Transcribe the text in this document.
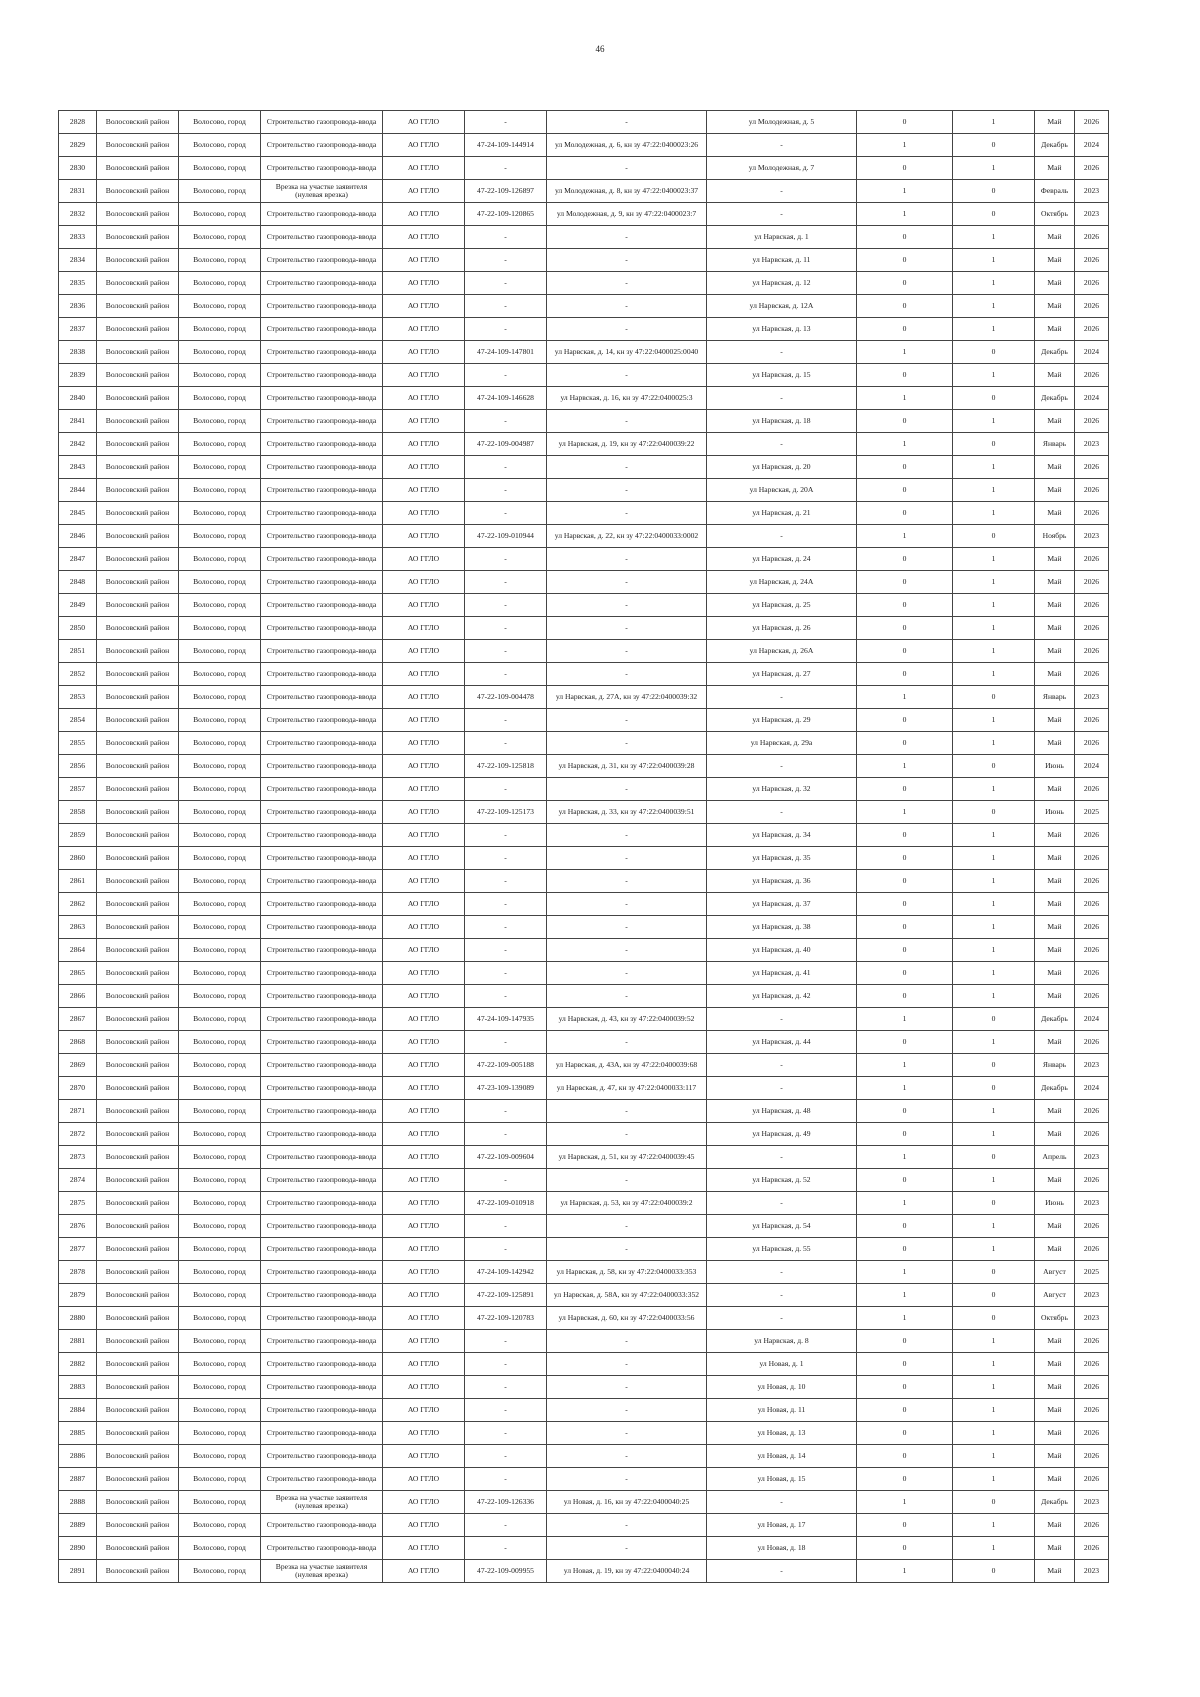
46
2828	Волосовский район	Волосово, город	Строительство газопровода-ввода	АО ГГЛО	-	-	ул Молодежная, д. 5	0	1	Май	2026
2829	Волосовский район	Волосово, город	Строительство газопровода-ввода	АО ГГЛО	47-24-109-144914	ул Молодежная, д. 6, кн зу 47:22:0400023:26	-	1	0	Декабрь	2024
2830	Волосовский район	Волосово, город	Строительство газопровода-ввода	АО ГГЛО	-	-	ул Молодежная, д. 7	0	1	Май	2026
2831	Волосовский район	Волосово, город	Врезка на участке заявителя (нулевая врезка)	АО ГГЛО	47-22-109-126897	ул Молодежная, д. 8, кн зу 47:22:0400023:37	-	1	0	Февраль	2023
2832	Волосовский район	Волосово, город	Строительство газопровода-ввода	АО ГГЛО	47-22-109-120865	ул Молодежная, д. 9, кн зу 47:22:0400023:7	-	1	0	Октябрь	2023
2833	Волосовский район	Волосово, город	Строительство газопровода-ввода	АО ГГЛО	-	-	ул Нарвская, д. 1	0	1	Май	2026
2834	Волосовский район	Волосово, город	Строительство газопровода-ввода	АО ГГЛО	-	-	ул Нарвская, д. 11	0	1	Май	2026
2835	Волосовский район	Волосово, город	Строительство газопровода-ввода	АО ГГЛО	-	-	ул Нарвская, д. 12	0	1	Май	2026
2836	Волосовский район	Волосово, город	Строительство газопровода-ввода	АО ГГЛО	-	-	ул Нарвская, д. 12А	0	1	Май	2026
2837	Волосовский район	Волосово, город	Строительство газопровода-ввода	АО ГГЛО	-	-	ул Нарвская, д. 13	0	1	Май	2026
2838	Волосовский район	Волосово, город	Строительство газопровода-ввода	АО ГГЛО	47-24-109-147801	ул Нарвская, д. 14, кн зу 47:22:0400025:0040	-	1	0	Декабрь	2024
2839	Волосовский район	Волосово, город	Строительство газопровода-ввода	АО ГГЛО	-	-	ул Нарвская, д. 15	0	1	Май	2026
2840	Волосовский район	Волосово, город	Строительство газопровода-ввода	АО ГГЛО	47-24-109-146628	ул Нарвская, д. 16, кн зу 47:22:0400025:3	-	1	0	Декабрь	2024
2841	Волосовский район	Волосово, город	Строительство газопровода-ввода	АО ГГЛО	-	-	ул Нарвская, д. 18	0	1	Май	2026
2842	Волосовский район	Волосово, город	Строительство газопровода-ввода	АО ГГЛО	47-22-109-004987	ул Нарвская, д. 19, кн зу 47:22:0400039:22	-	1	0	Январь	2023
2843	Волосовский район	Волосово, город	Строительство газопровода-ввода	АО ГГЛО	-	-	ул Нарвская, д. 20	0	1	Май	2026
2844	Волосовский район	Волосово, город	Строительство газопровода-ввода	АО ГГЛО	-	-	ул Нарвская, д. 20А	0	1	Май	2026
2845	Волосовский район	Волосово, город	Строительство газопровода-ввода	АО ГГЛО	-	-	ул Нарвская, д. 21	0	1	Май	2026
2846	Волосовский район	Волосово, город	Строительство газопровода-ввода	АО ГГЛО	47-22-109-010944	ул Нарвская, д. 22, кн зу 47:22:0400033:0002	-	1	0	Ноябрь	2023
2847	Волосовский район	Волосово, город	Строительство газопровода-ввода	АО ГГЛО	-	-	ул Нарвская, д. 24	0	1	Май	2026
2848	Волосовский район	Волосово, город	Строительство газопровода-ввода	АО ГГЛО	-	-	ул Нарвская, д. 24А	0	1	Май	2026
2849	Волосовский район	Волосово, город	Строительство газопровода-ввода	АО ГГЛО	-	-	ул Нарвская, д. 25	0	1	Май	2026
2850	Волосовский район	Волосово, город	Строительство газопровода-ввода	АО ГГЛО	-	-	ул Нарвская, д. 26	0	1	Май	2026
2851	Волосовский район	Волосово, город	Строительство газопровода-ввода	АО ГГЛО	-	-	ул Нарвская, д. 26А	0	1	Май	2026
2852	Волосовский район	Волосово, город	Строительство газопровода-ввода	АО ГГЛО	-	-	ул Нарвская, д. 27	0	1	Май	2026
2853	Волосовский район	Волосово, город	Строительство газопровода-ввода	АО ГГЛО	47-22-109-004478	ул Нарвская, д. 27А, кн зу 47:22:0400039:32	-	1	0	Январь	2023
2854	Волосовский район	Волосово, город	Строительство газопровода-ввода	АО ГГЛО	-	-	ул Нарвская, д. 29	0	1	Май	2026
2855	Волосовский район	Волосово, город	Строительство газопровода-ввода	АО ГГЛО	-	-	ул Нарвская, д. 29а	0	1	Май	2026
2856	Волосовский район	Волосово, город	Строительство газопровода-ввода	АО ГГЛО	47-22-109-125818	ул Нарвская, д. 31, кн зу 47:22:0400039:28	-	1	0	Июнь	2024
2857	Волосовский район	Волосово, город	Строительство газопровода-ввода	АО ГГЛО	-	-	ул Нарвская, д. 32	0	1	Май	2026
2858	Волосовский район	Волосово, город	Строительство газопровода-ввода	АО ГГЛО	47-22-109-125173	ул Нарвская, д. 33, кн зу 47:22:0400039:51	-	1	0	Июнь	2025
2859	Волосовский район	Волосово, город	Строительство газопровода-ввода	АО ГГЛО	-	-	ул Нарвская, д. 34	0	1	Май	2026
2860	Волосовский район	Волосово, город	Строительство газопровода-ввода	АО ГГЛО	-	-	ул Нарвская, д. 35	0	1	Май	2026
2861	Волосовский район	Волосово, город	Строительство газопровода-ввода	АО ГГЛО	-	-	ул Нарвская, д. 36	0	1	Май	2026
2862	Волосовский район	Волосово, город	Строительство газопровода-ввода	АО ГГЛО	-	-	ул Нарвская, д. 37	0	1	Май	2026
2863	Волосовский район	Волосово, город	Строительство газопровода-ввода	АО ГГЛО	-	-	ул Нарвская, д. 38	0	1	Май	2026
2864	Волосовский район	Волосово, город	Строительство газопровода-ввода	АО ГГЛО	-	-	ул Нарвская, д. 40	0	1	Май	2026
2865	Волосовский район	Волосово, город	Строительство газопровода-ввода	АО ГГЛО	-	-	ул Нарвская, д. 41	0	1	Май	2026
2866	Волосовский район	Волосово, город	Строительство газопровода-ввода	АО ГГЛО	-	-	ул Нарвская, д. 42	0	1	Май	2026
2867	Волосовский район	Волосово, город	Строительство газопровода-ввода	АО ГГЛО	47-24-109-147935	ул Нарвская, д. 43, кн зу 47:22:0400039:52	-	1	0	Декабрь	2024
2868	Волосовский район	Волосово, город	Строительство газопровода-ввода	АО ГГЛО	-	-	ул Нарвская, д. 44	0	1	Май	2026
2869	Волосовский район	Волосово, город	Строительство газопровода-ввода	АО ГГЛО	47-22-109-005188	ул Нарвская, д. 43А, кн зу 47:22:0400039:68	-	1	0	Январь	2023
2870	Волосовский район	Волосово, город	Строительство газопровода-ввода	АО ГГЛО	47-23-109-139089	ул Нарвская, д. 47, кн зу 47:22:0400033:117	-	1	0	Декабрь	2024
2871	Волосовский район	Волосово, город	Строительство газопровода-ввода	АО ГГЛО	-	-	ул Нарвская, д. 48	0	1	Май	2026
2872	Волосовский район	Волосово, город	Строительство газопровода-ввода	АО ГГЛО	-	-	ул Нарвская, д. 49	0	1	Май	2026
2873	Волосовский район	Волосово, город	Строительство газопровода-ввода	АО ГГЛО	47-22-109-009604	ул Нарвская, д. 51, кн зу 47:22:0400039:45	-	1	0	Апрель	2023
2874	Волосовский район	Волосово, город	Строительство газопровода-ввода	АО ГГЛО	-	-	ул Нарвская, д. 52	0	1	Май	2026
2875	Волосовский район	Волосово, город	Строительство газопровода-ввода	АО ГГЛО	47-22-109-010918	ул Нарвская, д. 53, кн зу 47:22:0400039:2	-	1	0	Июнь	2023
2876	Волосовский район	Волосово, город	Строительство газопровода-ввода	АО ГГЛО	-	-	ул Нарвская, д. 54	0	1	Май	2026
2877	Волосовский район	Волосово, город	Строительство газопровода-ввода	АО ГГЛО	-	-	ул Нарвская, д. 55	0	1	Май	2026
2878	Волосовский район	Волосово, город	Строительство газопровода-ввода	АО ГГЛО	47-24-109-142942	ул Нарвская, д. 58, кн зу 47:22:0400033:353	-	1	0	Август	2025
2879	Волосовский район	Волосово, город	Строительство газопровода-ввода	АО ГГЛО	47-22-109-125891	ул Нарвская, д. 58А, кн зу 47:22:0400033:352	-	1	0	Август	2023
2880	Волосовский район	Волосово, город	Строительство газопровода-ввода	АО ГГЛО	47-22-109-120783	ул Нарвская, д. 60, кн зу 47:22:0400033:56	-	1	0	Октябрь	2023
2881	Волосовский район	Волосово, город	Строительство газопровода-ввода	АО ГГЛО	-	-	ул Нарвская, д. 8	0	1	Май	2026
2882	Волосовский район	Волосово, город	Строительство газопровода-ввода	АО ГГЛО	-	-	ул Новая, д. 1	0	1	Май	2026
2883	Волосовский район	Волосово, город	Строительство газопровода-ввода	АО ГГЛО	-	-	ул Новая, д. 10	0	1	Май	2026
2884	Волосовский район	Волосово, город	Строительство газопровода-ввода	АО ГГЛО	-	-	ул Новая, д. 11	0	1	Май	2026
2885	Волосовский район	Волосово, город	Строительство газопровода-ввода	АО ГГЛО	-	-	ул Новая, д. 13	0	1	Май	2026
2886	Волосовский район	Волосово, город	Строительство газопровода-ввода	АО ГГЛО	-	-	ул Новая, д. 14	0	1	Май	2026
2887	Волосовский район	Волосово, город	Строительство газопровода-ввода	АО ГГЛО	-	-	ул Новая, д. 15	0	1	Май	2026
2888	Волосовский район	Волосово, город	Врезка на участке заявителя (нулевая врезка)	АО ГГЛО	47-22-109-126336	ул Новая, д. 16, кн зу 47:22:0400040:25	-	1	0	Декабрь	2023
2889	Волосовский район	Волосово, город	Строительство газопровода-ввода	АО ГГЛО	-	-	ул Новая, д. 17	0	1	Май	2026
2890	Волосовский район	Волосово, город	Строительство газопровода-ввода	АО ГГЛО	-	-	ул Новая, д. 18	0	1	Май	2026
2891	Волосовский район	Волосово, город	Врезка на участке заявителя (нулевая врезка)	АО ГГЛО	47-22-109-009955	ул Новая, д. 19, кн зу 47:22:0400040:24	-	1	0	Май	2023
